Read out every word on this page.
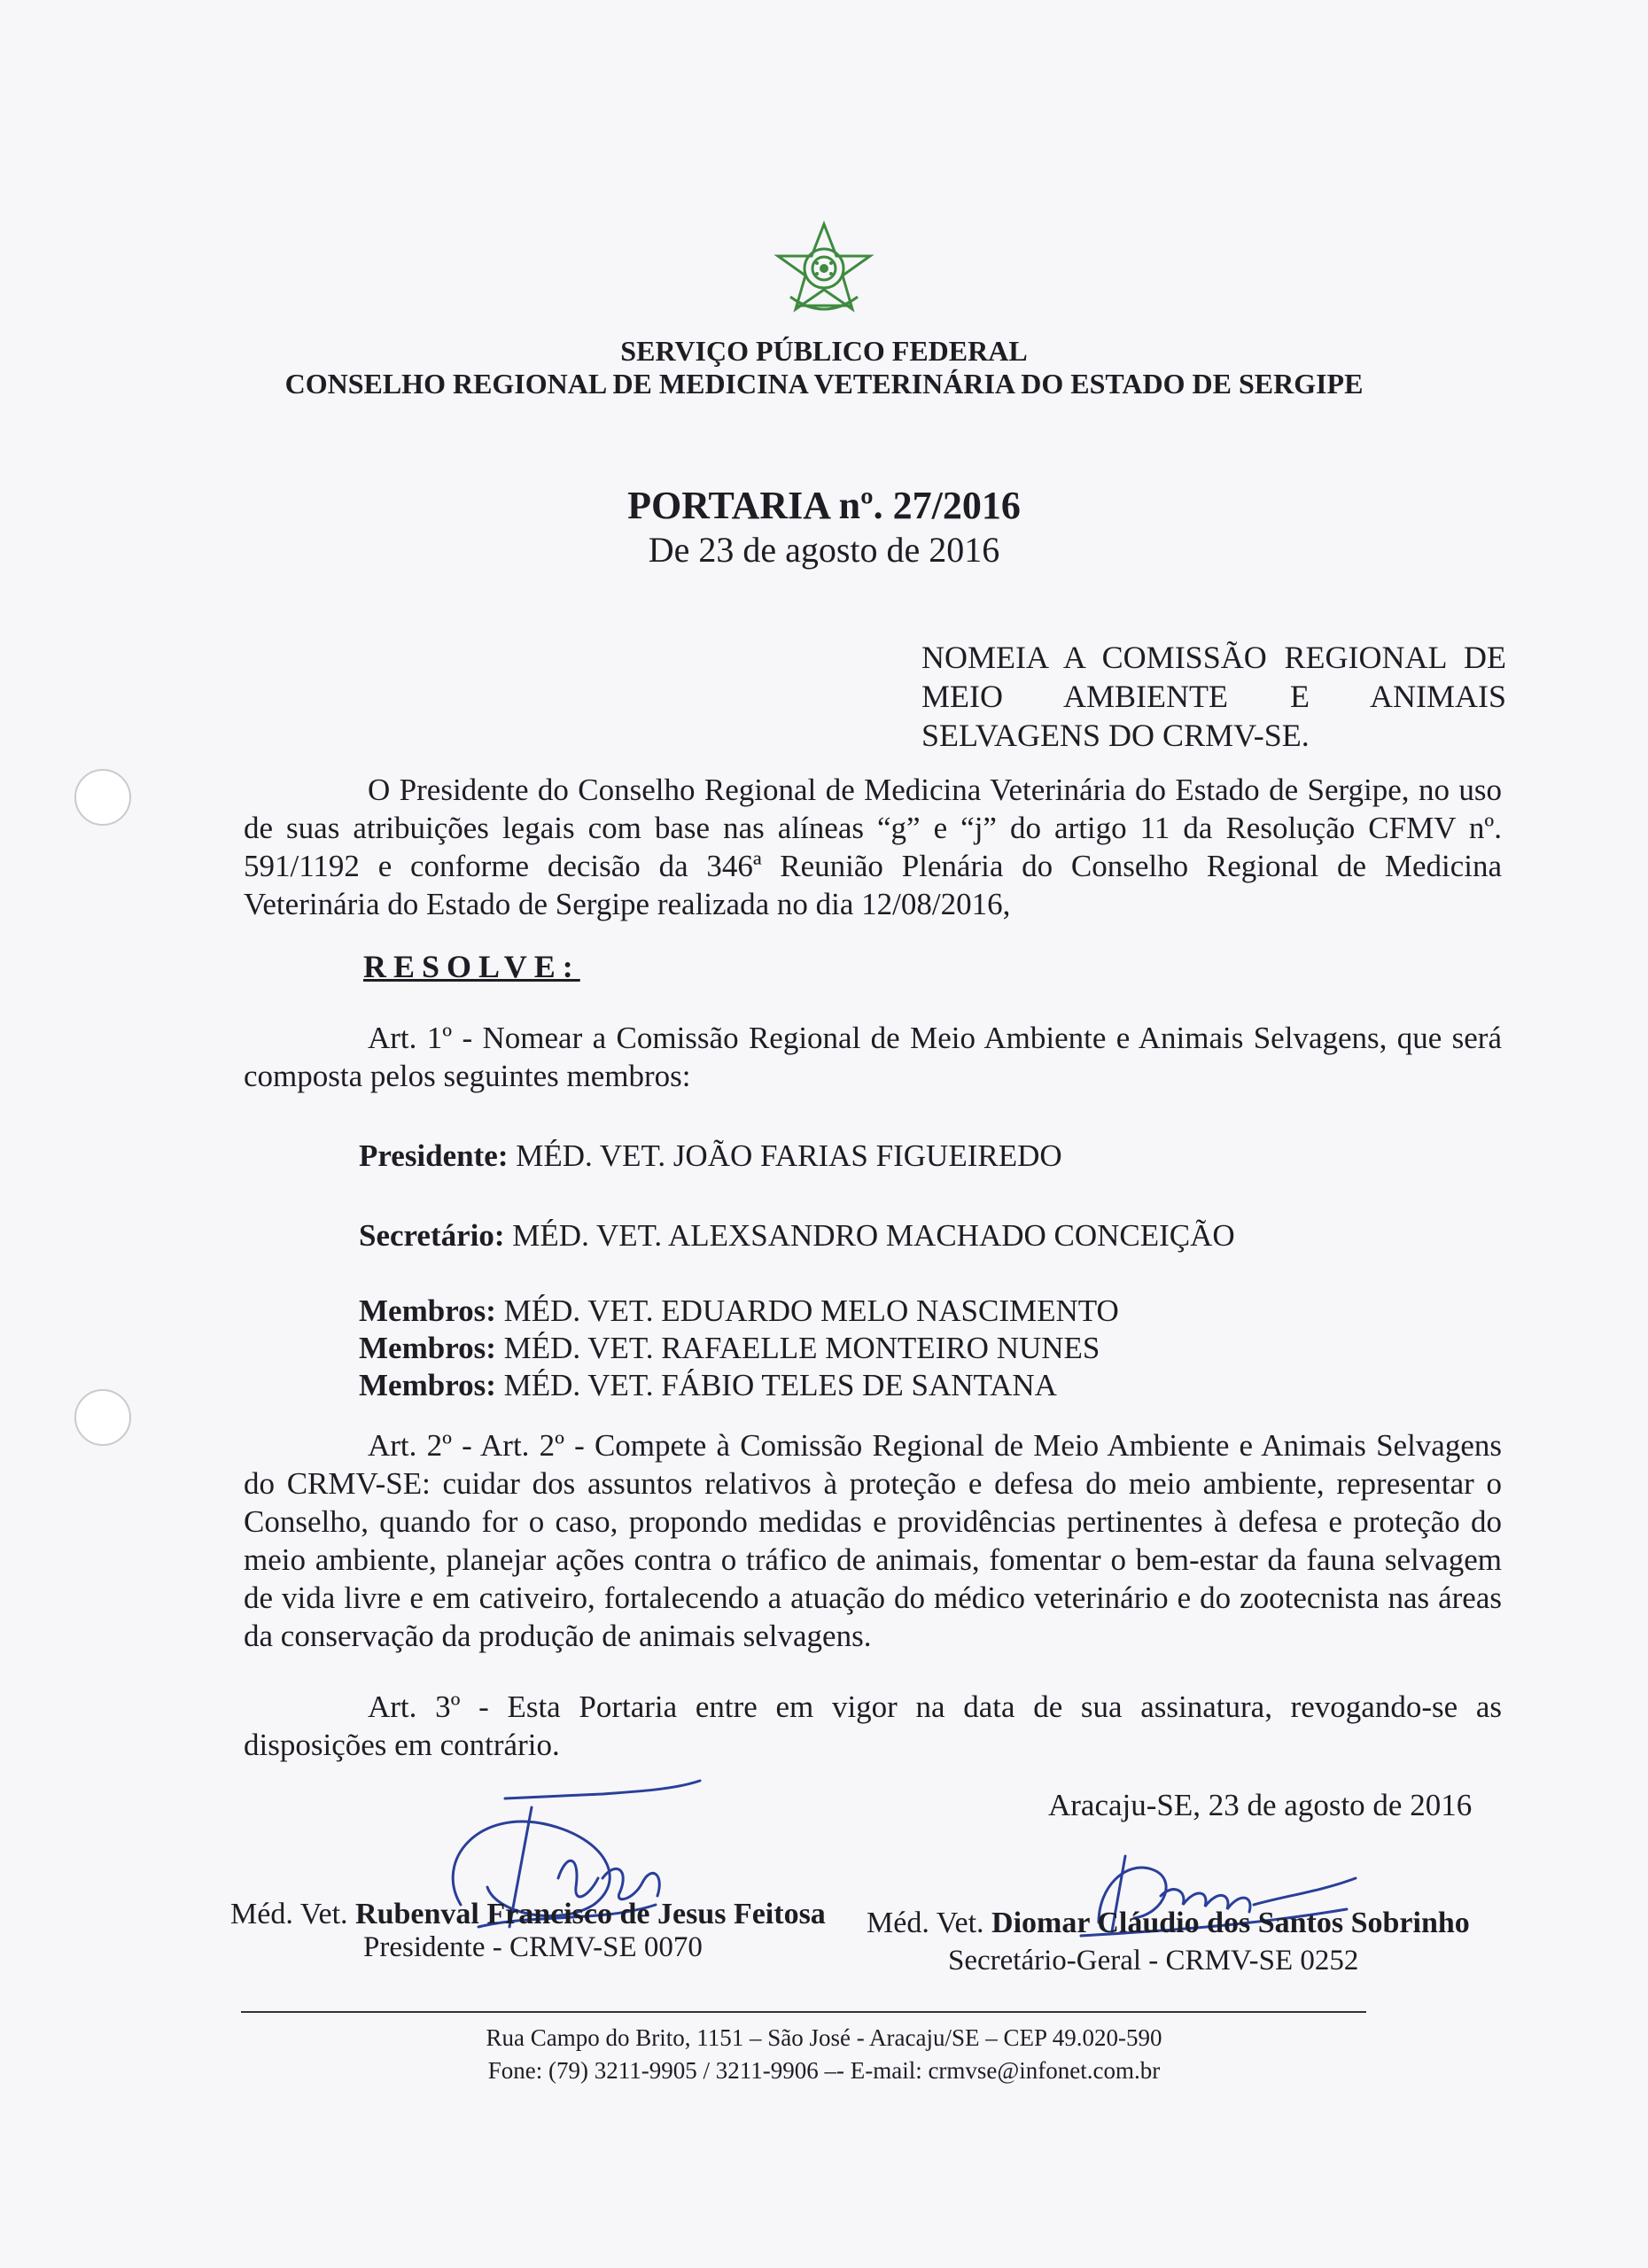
SERVIÇO PÚBLICO FEDERAL
CONSELHO REGIONAL DE MEDICINA VETERINÁRIA DO ESTADO DE SERGIPE
PORTARIA nº. 27/2016
De 23 de agosto de 2016
NOMEIA A COMISSÃO REGIONAL DE MEIO AMBIENTE E ANIMAIS SELVAGENS DO CRMV-SE.
O Presidente do Conselho Regional de Medicina Veterinária do Estado de Sergipe, no uso de suas atribuições legais com base nas alíneas “g” e “j” do artigo 11 da Resolução CFMV nº. 591/1192 e conforme decisão da 346ª Reunião Plenária do Conselho Regional de Medicina Veterinária do Estado de Sergipe realizada no dia 12/08/2016,
RESOLVE:
Art. 1º - Nomear a Comissão Regional de Meio Ambiente e Animais Selvagens, que será composta pelos seguintes membros:
Presidente: MÉD. VET. JOÃO FARIAS FIGUEIREDO
Secretário: MÉD. VET. ALEXSANDRO MACHADO CONCEIÇÃO
Membros: MÉD. VET. EDUARDO MELO NASCIMENTO
Membros: MÉD. VET. RAFAELLE MONTEIRO NUNES
Membros: MÉD. VET. FÁBIO TELES DE SANTANA
Art. 2º - Art. 2º - Compete à Comissão Regional de Meio Ambiente e Animais Selvagens do CRMV-SE: cuidar dos assuntos relativos à proteção e defesa do meio ambiente, representar o Conselho, quando for o caso, propondo medidas e providências pertinentes à defesa e proteção do meio ambiente, planejar ações contra o tráfico de animais, fomentar o bem-estar da fauna selvagem de vida livre e em cativeiro, fortalecendo a atuação do médico veterinário e do zootecnista nas áreas da conservação da produção de animais selvagens.
Art. 3º - Esta Portaria entre em vigor na data de sua assinatura, revogando-se as disposições em contrário.
Aracaju-SE, 23 de agosto de 2016
Méd. Vet. Rubenval Francisco de Jesus Feitosa
Presidente - CRMV-SE 0070
Méd. Vet. Diomar Cláudio dos Santos Sobrinho
Secretário-Geral - CRMV-SE 0252
Rua Campo do Brito, 1151 – São José - Aracaju/SE – CEP 49.020-590
Fone: (79) 3211-9905 / 3211-9906 –- E-mail: crmvse@infonet.com.br
